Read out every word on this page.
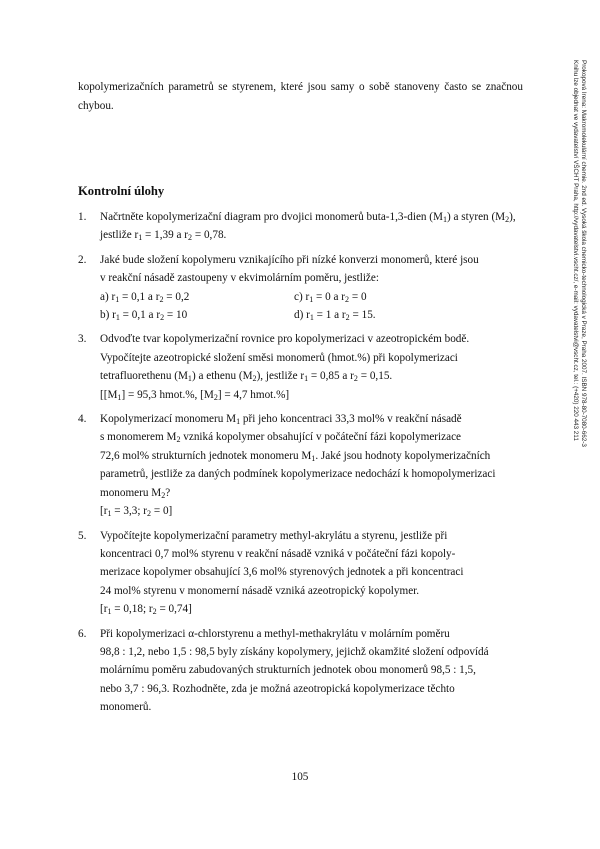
kopolymerizačních parametrů se styrenem, které jsou samy o sobě stanoveny často se značnou chybou.

Kontrolní úlohy
1. Načrtněte kopolymerizační diagram pro dvojici monomerů buta-1,3-dien $(M_1)$ a styren $(M_2)$, jestliže $r_1 = 1,39$ a $r_2 = 0,78$.
2. Jaké bude složení kopolymeru vznikajícího při nízké konverzi monomerů, které jsou
v reakční násadě zastoupeny v ekvimolárním poměru, jestliže:
a) $r_1 = 0,1$ a $r_2 = 0,2$	c) $r_1 = 0$ a $r_2 = 0$
b) $r_1 = 0,1$ a $r_2 = 10$	d) $r_1 = 1$ a $r_2 = 15$.
3. Odvoďte tvar kopolymerizační rovnice pro kopolymerizaci v azeotropickém bodě.
Vypočítejte azeotropické složení směsi monomerů (hmot.%) při kopolymerizaci
tetrafluorethenu $(M_1)$ a ethenu $(M_2)$, jestliže $r_1 = 0,85$ a $r_2 = 0,15$.
[$[M_1] = 95,3$ hmot.%, $[M_2] = 4,7$ hmot.%]
4. Kopolymerizací monomeru $M_1$ při jeho koncentraci 33,3 mol% v reakční násadě
s monomerem $M_2$ vzniká kopolymer obsahující v počáteční fázi kopolymerizace
72,6 mol% strukturních jednotek monomeru $M_1$. Jaké jsou hodnoty kopolymerizačních
parametrů, jestliže za daných podmínek kopolymerizace nedochází k homopolymerizaci
monomeru $M_2$?
[$r_1 = 3,3$; $r_2 = 0$]
5. Vypočítejte kopolymerizační parametry methyl-akrylátu a styrenu, jestliže při
koncentraci 0,7 mol% styrenu v reakční násadě vzniká v počáteční fázi kopoly-
merizace kopolymer obsahující 3,6 mol% styrenových jednotek a při koncentraci
24 mol% styrenu v monomerní násadě vzniká azeotropický kopolymer.
[$r_1 = 0,18$; $r_2 = 0,74$]
6. Při kopolymerizaci α-chlorstyrenu a methyl-methakrylátu v molárním poměru
98,8 : 1,2, nebo 1,5 : 98,5 byly získány kopolymery, jejichž okamžité složení odpovídá
molárnímu poměru zabudovaných strukturních jednotek obou monomerů 98,5 : 1,5,
nebo 3,7 : 96,3. Rozhodněte, zda je možná azeotropická kopolymerizace těchto
monomerů.
105
Prokopová Irena: Makromolekulární chemie. 2nd ed. Vysoká škola chemicko-technologická v Praze, Praha 2007. ISBN 978-80-7080-662-3
Knihu lze objednat ve vydavatelství VŠCHT Praha, http://vydavatelstvi.vscht.cz/, e-mail: vydavatelstvi@vscht.cz, tel.: (+420) 220 443 211
